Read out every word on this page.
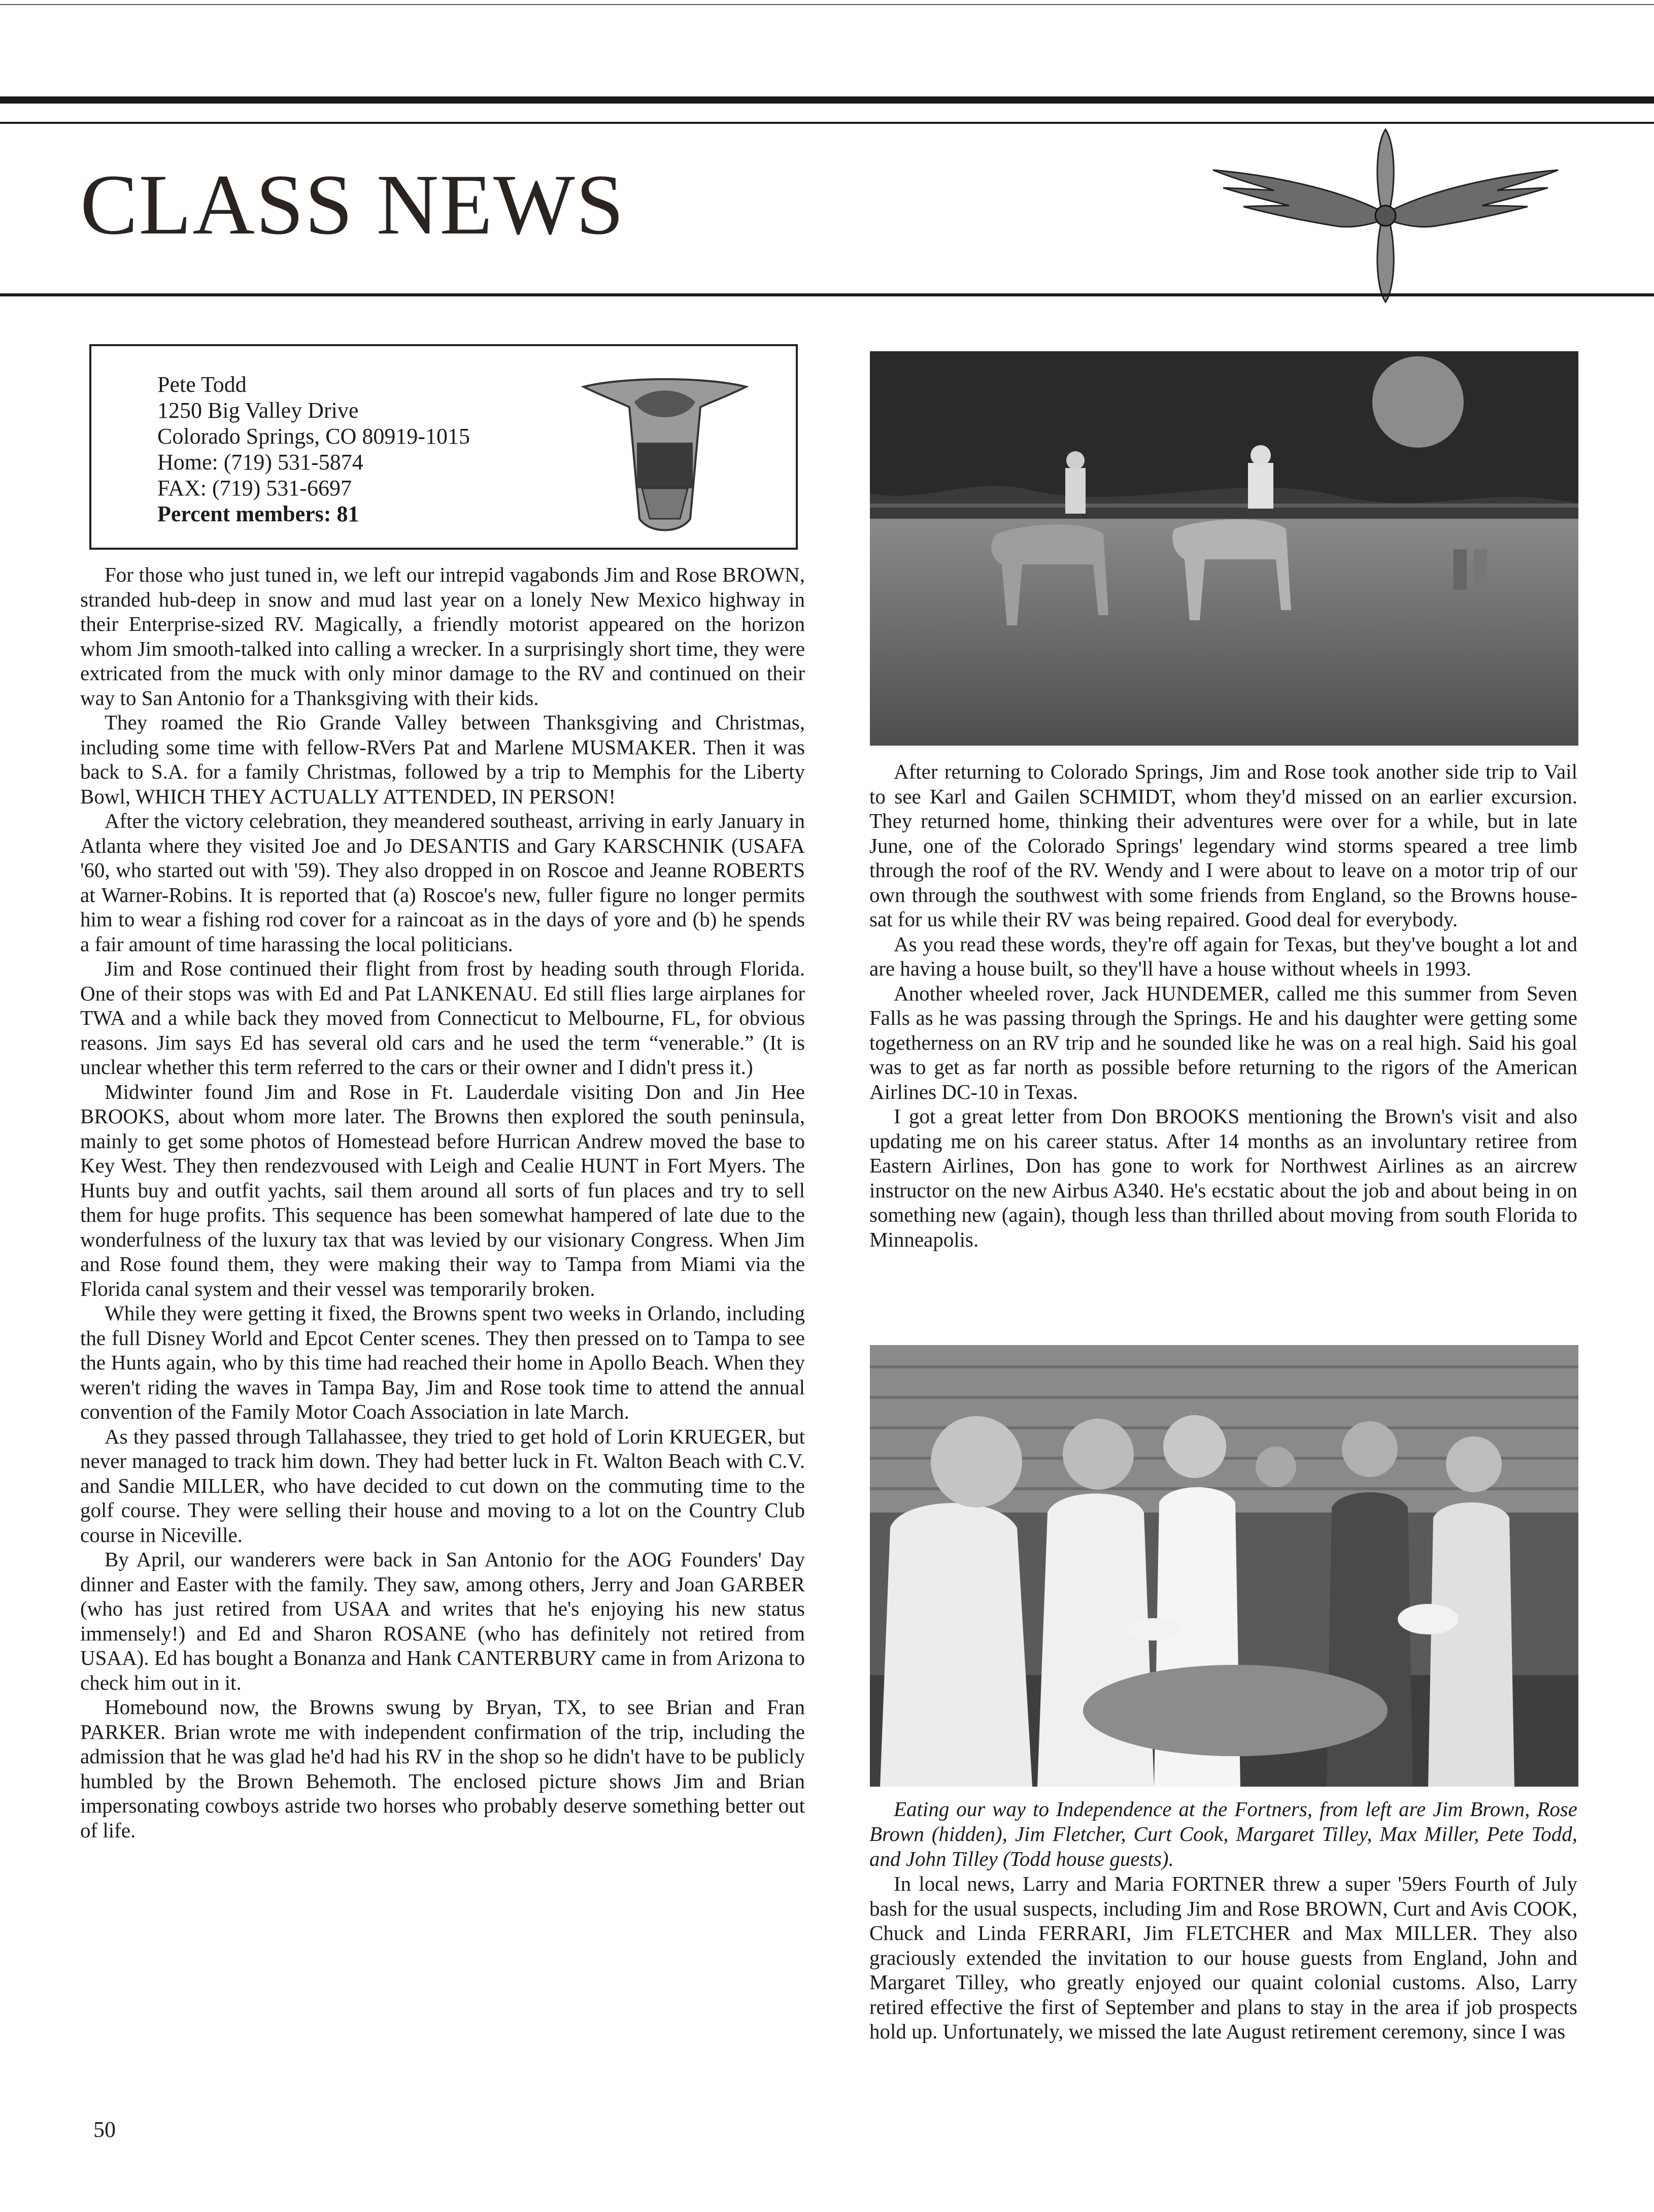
CLASS NEWS
Pete Todd
1250 Big Valley Drive
Colorado Springs, CO 80919-1015
Home: (719) 531-5874
FAX: (719) 531-6697
Percent members: 81

For those who just tuned in, we left our intrepid vagabonds Jim and Rose BROWN, stranded hub-deep in snow and mud last year on a lonely New Mexico highway in their Enterprise-sized RV. Magically, a friendly motorist appeared on the horizon whom Jim smooth-talked into calling a wrecker. In a surprisingly short time, they were extricated from the muck with only minor damage to the RV and continued on their way to San Antonio for a Thanksgiving with their kids.

They roamed the Rio Grande Valley between Thanksgiving and Christmas, including some time with fellow-RVers Pat and Marlene MUSMAKER. Then it was back to S.A. for a family Christmas, followed by a trip to Memphis for the Liberty Bowl, WHICH THEY ACTUALLY ATTENDED, IN PERSON!

After the victory celebration, they meandered southeast, arriving in early January in Atlanta where they visited Joe and Jo DESANTIS and Gary KARSCHNIK (USAFA '60, who started out with '59). They also dropped in on Roscoe and Jeanne ROBERTS at Warner-Robins. It is reported that (a) Roscoe's new, fuller figure no longer permits him to wear a fishing rod cover for a raincoat as in the days of yore and (b) he spends a fair amount of time harassing the local politicians.

Jim and Rose continued their flight from frost by heading south through Florida. One of their stops was with Ed and Pat LANKENAU. Ed still flies large airplanes for TWA and a while back they moved from Connecticut to Melbourne, FL, for obvious reasons. Jim says Ed has several old cars and he used the term “venerable.” (It is unclear whether this term referred to the cars or their owner and I didn't press it.)

Midwinter found Jim and Rose in Ft. Lauderdale visiting Don and Jin Hee BROOKS, about whom more later. The Browns then explored the south peninsula, mainly to get some photos of Homestead before Hurrican Andrew moved the base to Key West. They then rendezvoused with Leigh and Cealie HUNT in Fort Myers. The Hunts buy and outfit yachts, sail them around all sorts of fun places and try to sell them for huge profits. This sequence has been somewhat hampered of late due to the wonderfulness of the luxury tax that was levied by our visionary Congress. When Jim and Rose found them, they were making their way to Tampa from Miami via the Florida canal system and their vessel was temporarily broken.

While they were getting it fixed, the Browns spent two weeks in Orlando, including the full Disney World and Epcot Center scenes. They then pressed on to Tampa to see the Hunts again, who by this time had reached their home in Apollo Beach. When they weren't riding the waves in Tampa Bay, Jim and Rose took time to attend the annual convention of the Family Motor Coach Association in late March.

As they passed through Tallahassee, they tried to get hold of Lorin KRUEGER, but never managed to track him down. They had better luck in Ft. Walton Beach with C.V. and Sandie MILLER, who have decided to cut down on the commuting time to the golf course. They were selling their house and moving to a lot on the Country Club course in Niceville.

By April, our wanderers were back in San Antonio for the AOG Founders' Day dinner and Easter with the family. They saw, among others, Jerry and Joan GARBER (who has just retired from USAA and writes that he's enjoying his new status immensely!) and Ed and Sharon ROSANE (who has definitely not retired from USAA). Ed has bought a Bonanza and Hank CANTERBURY came in from Arizona to check him out in it.

Homebound now, the Browns swung by Bryan, TX, to see Brian and Fran PARKER. Brian wrote me with independent confirmation of the trip, including the admission that he was glad he'd had his RV in the shop so he didn't have to be publicly humbled by the Brown Behemoth. The enclosed picture shows Jim and Brian impersonating cowboys astride two horses who probably deserve something better out of life.

After returning to Colorado Springs, Jim and Rose took another side trip to Vail to see Karl and Gailen SCHMIDT, whom they'd missed on an earlier excursion. They returned home, thinking their adventures were over for a while, but in late June, one of the Colorado Springs' legendary wind storms speared a tree limb through the roof of the RV. Wendy and I were about to leave on a motor trip of our own through the southwest with some friends from England, so the Browns house-sat for us while their RV was being repaired. Good deal for everybody.

As you read these words, they're off again for Texas, but they've bought a lot and are having a house built, so they'll have a house without wheels in 1993.

Another wheeled rover, Jack HUNDEMER, called me this summer from Seven Falls as he was passing through the Springs. He and his daughter were getting some togetherness on an RV trip and he sounded like he was on a real high. Said his goal was to get as far north as possible before returning to the rigors of the American Airlines DC-10 in Texas.

I got a great letter from Don BROOKS mentioning the Brown's visit and also updating me on his career status. After 14 months as an involuntary retiree from Eastern Airlines, Don has gone to work for Northwest Airlines as an aircrew instructor on the new Airbus A340. He's ecstatic about the job and about being in on something new (again), though less than thrilled about moving from south Florida to Minneapolis.

Eating our way to Independence at the Fortners, from left are Jim Brown, Rose Brown (hidden), Jim Fletcher, Curt Cook, Margaret Tilley, Max Miller, Pete Todd, and John Tilley (Todd house guests).

In local news, Larry and Maria FORTNER threw a super '59ers Fourth of July bash for the usual suspects, including Jim and Rose BROWN, Curt and Avis COOK, Chuck and Linda FERRARI, Jim FLETCHER and Max MILLER. They also graciously extended the invitation to our house guests from England, John and Margaret Tilley, who greatly enjoyed our quaint colonial customs. Also, Larry retired effective the first of September and plans to stay in the area if job prospects hold up. Unfortunately, we missed the late August retirement ceremony, since I was

50
